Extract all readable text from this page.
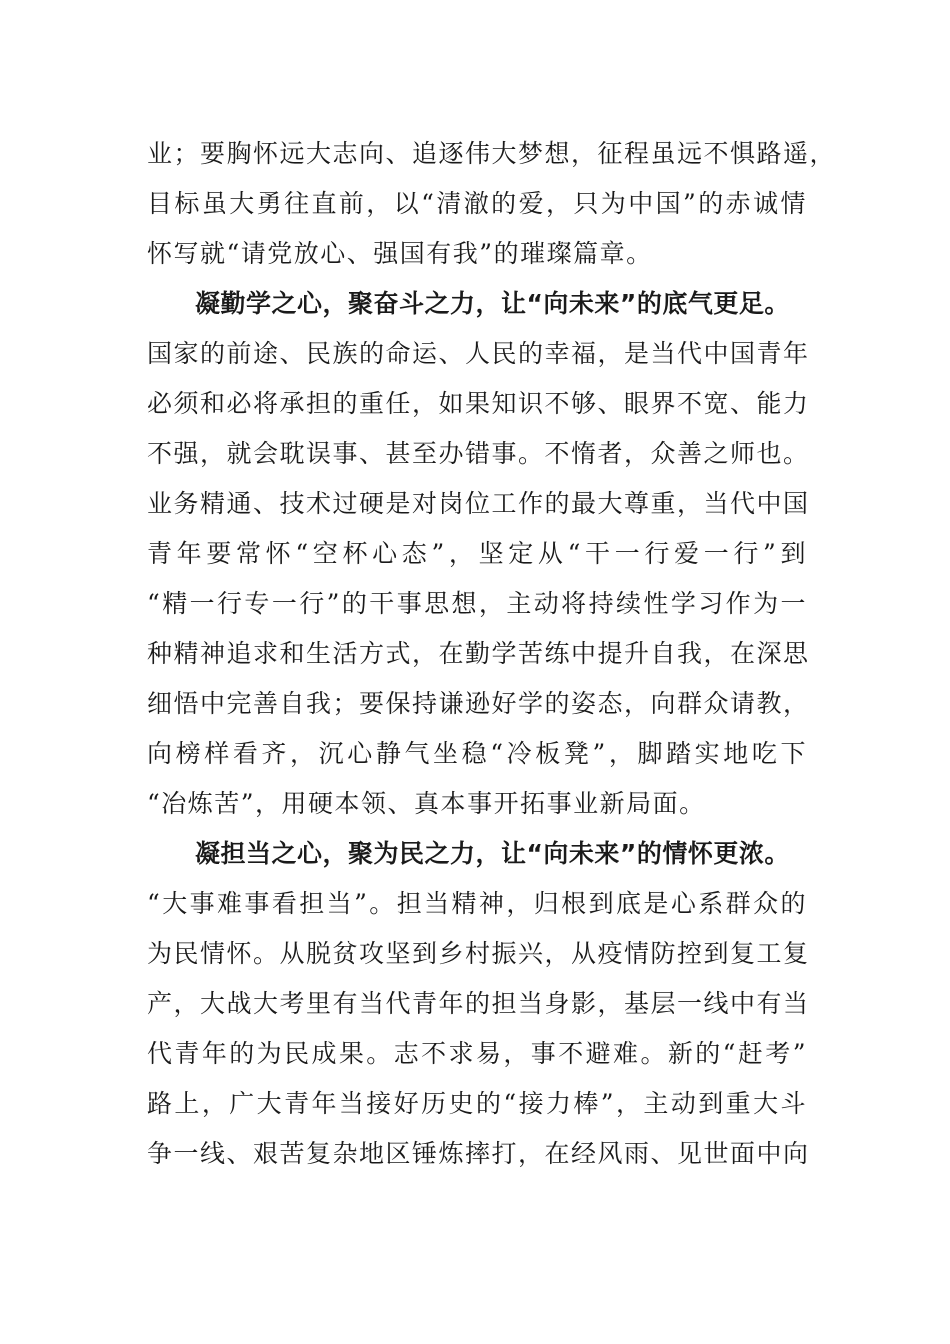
业；要胸怀远大志向、追逐伟大梦想，征程虽远不惧路遥，
目标虽大勇往直前，以“清澈的爱，只为中国”的赤诚情
怀写就“请党放心、强国有我”的璀璨篇章。
凝勤学之心，聚奋斗之力，让“向未来”的底气更足。
国家的前途、民族的命运、人民的幸福，是当代中国青年
必须和必将承担的重任，如果知识不够、眼界不宽、能力
不强，就会耽误事、甚至办错事。不惰者，众善之师也。
业务精通、技术过硬是对岗位工作的最大尊重，当代中国
青年要常怀“空杯心态”，坚定从“干一行爱一行”到
“精一行专一行”的干事思想，主动将持续性学习作为一
种精神追求和生活方式，在勤学苦练中提升自我，在深思
细悟中完善自我；要保持谦逊好学的姿态，向群众请教，
向榜样看齐，沉心静气坐稳“冷板凳”，脚踏实地吃下
“冶炼苦”，用硬本领、真本事开拓事业新局面。
凝担当之心，聚为民之力，让“向未来”的情怀更浓。
“大事难事看担当”。担当精神，归根到底是心系群众的
为民情怀。从脱贫攻坚到乡村振兴，从疫情防控到复工复
产，大战大考里有当代青年的担当身影，基层一线中有当
代青年的为民成果。志不求易，事不避难。新的“赶考”
路上，广大青年当接好历史的“接力棒”，主动到重大斗
争一线、艰苦复杂地区锤炼摔打，在经风雨、见世面中向
